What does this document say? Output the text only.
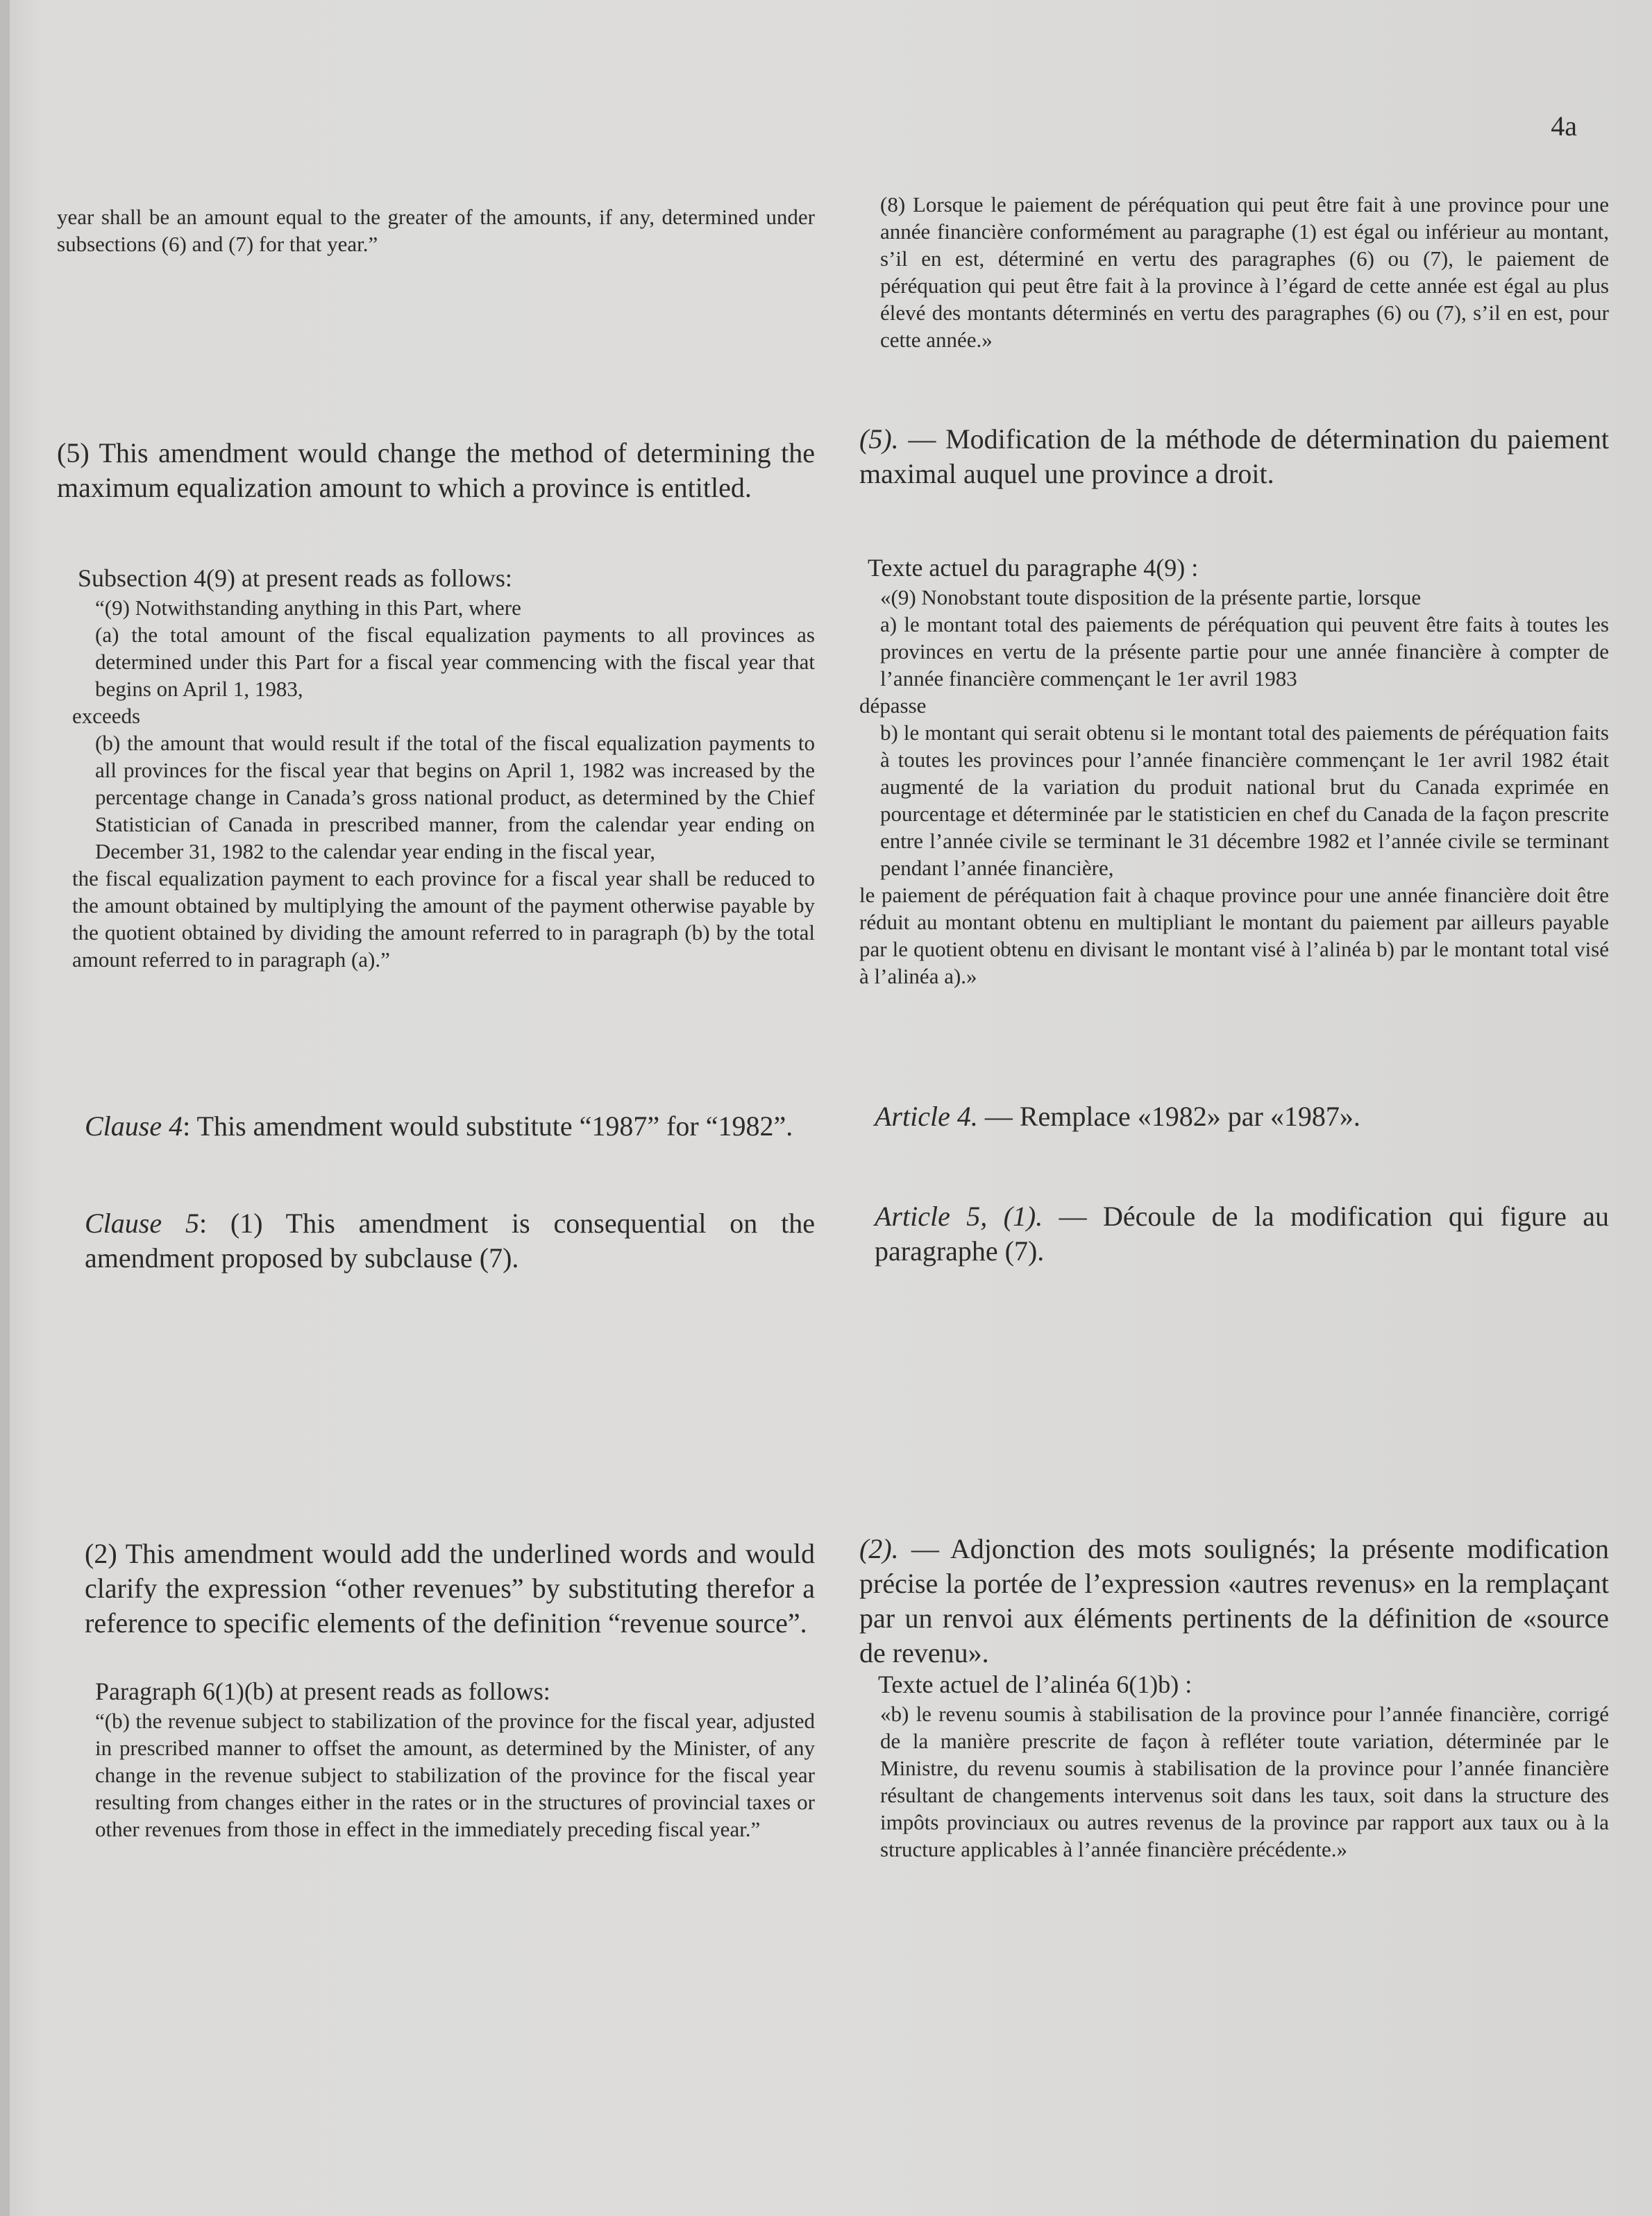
4a

year shall be an amount equal to the greater of the amounts, if any, determined under subsections (6) and (7) for that year.”

(5) This amendment would change the method of determining the maximum equalization amount to which a province is entitled.

Subsection 4(9) at present reads as follows:

“(9) Notwithstanding anything in this Part, where

(a) the total amount of the fiscal equalization payments to all provinces as determined under this Part for a fiscal year commencing with the fiscal year that begins on April 1, 1983,

exceeds

(b) the amount that would result if the total of the fiscal equalization payments to all provinces for the fiscal year that begins on April 1, 1982 was increased by the percentage change in Canada’s gross national product, as determined by the Chief Statistician of Canada in prescribed manner, from the calendar year ending on December 31, 1982 to the calendar year ending in the fiscal year,

the fiscal equalization payment to each province for a fiscal year shall be reduced to the amount obtained by multiplying the amount of the payment otherwise payable by the quotient obtained by dividing the amount referred to in paragraph (b) by the total amount referred to in paragraph (a).”

Clause 4: This amendment would substitute “1987” for “1982”.

Clause 5: (1) This amendment is consequential on the amendment proposed by subclause (7).

(2) This amendment would add the underlined words and would clarify the expression “other revenues” by substituting therefor a reference to specific elements of the definition “revenue source”.

Paragraph 6(1)(b) at present reads as follows:

“(b) the revenue subject to stabilization of the province for the fiscal year, adjusted in prescribed manner to offset the amount, as determined by the Minister, of any change in the revenue subject to stabilization of the province for the fiscal year resulting from changes either in the rates or in the structures of provincial taxes or other revenues from those in effect in the immediately preceding fiscal year.”

(8) Lorsque le paiement de péréquation qui peut être fait à une province pour une année financière conformément au paragraphe (1) est égal ou inférieur au montant, s’il en est, déterminé en vertu des paragraphes (6) ou (7), le paiement de péréquation qui peut être fait à la province à l’égard de cette année est égal au plus élevé des montants déterminés en vertu des paragraphes (6) ou (7), s’il en est, pour cette année.»

(5). — Modification de la méthode de détermination du paiement maximal auquel une province a droit.

Texte actuel du paragraphe 4(9) :

«(9) Nonobstant toute disposition de la présente partie, lorsque

a) le montant total des paiements de péréquation qui peuvent être faits à toutes les provinces en vertu de la présente partie pour une année financière à compter de l’année financière commençant le 1er avril 1983

dépasse

b) le montant qui serait obtenu si le montant total des paiements de péréquation faits à toutes les provinces pour l’année financière commençant le 1er avril 1982 était augmenté de la variation du produit national brut du Canada exprimée en pourcentage et déterminée par le statisticien en chef du Canada de la façon prescrite entre l’année civile se terminant le 31 décembre 1982 et l’année civile se terminant pendant l’année financière,

le paiement de péréquation fait à chaque province pour une année financière doit être réduit au montant obtenu en multipliant le montant du paiement par ailleurs payable par le quotient obtenu en divisant le montant visé à l’alinéa b) par le montant total visé à l’alinéa a).»

Article 4. — Remplace «1982» par «1987».

Article 5, (1). — Découle de la modification qui figure au paragraphe (7).

(2). — Adjonction des mots soulignés; la présente modification précise la portée de l’expression «autres revenus» en la remplaçant par un renvoi aux éléments pertinents de la définition de «source de revenu».

Texte actuel de l’alinéa 6(1)b) :

«b) le revenu soumis à stabilisation de la province pour l’année financière, corrigé de la manière prescrite de façon à refléter toute variation, déterminée par le Ministre, du revenu soumis à stabilisation de la province pour l’année financière résultant de changements intervenus soit dans les taux, soit dans la structure des impôts provinciaux ou autres revenus de la province par rapport aux taux ou à la structure applicables à l’année financière précédente.»
